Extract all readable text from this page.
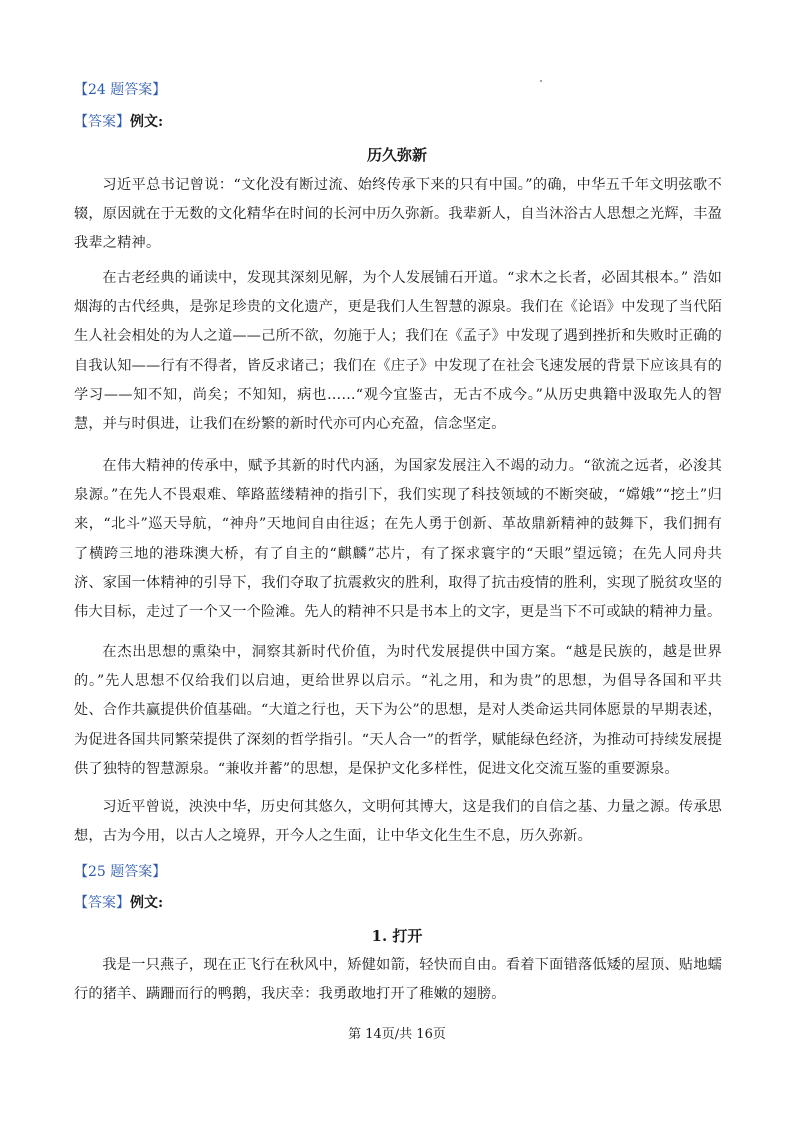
【24 题答案】
【答案】例文:
历久弥新
习近平总书记曾说：“文化没有断过流、始终传承下来的只有中国。”的确，中华五千年文明弦歌不辍，原因就在于无数的文化精华在时间的长河中历久弥新。我辈新人，自当沐浴古人思想之光辉，丰盈我辈之精神。
在古老经典的诵读中，发现其深刻见解，为个人发展铺石开道。“求木之长者，必固其根本。” 浩如烟海的古代经典，是弥足珍贵的文化遗产，更是我们人生智慧的源泉。我们在《论语》中发现了当代陌生人社会相处的为人之道——己所不欲，勿施于人；我们在《孟子》中发现了遇到挫折和失败时正确的自我认知——行有不得者，皆反求诸己；我们在《庄子》中发现了在社会飞速发展的背景下应该具有的学习——知不知，尚矣；不知知，病也……“观今宜鉴古，无古不成今。”从历史典籍中汲取先人的智慧，并与时俱进，让我们在纷繁的新时代亦可内心充盈，信念坚定。
在伟大精神的传承中，赋予其新的时代内涵，为国家发展注入不竭的动力。“欲流之远者，必浚其泉源。”在先人不畏艰难、筚路蓝缕精神的指引下，我们实现了科技领域的不断突破，“嫦娥”“挖土”归来，“北斗”巡天导航，“神舟”天地间自由往返；在先人勇于创新、革故鼎新精神的鼓舞下，我们拥有了横跨三地的港珠澳大桥，有了自主的“麒麟”芯片，有了探求寰宇的“天眼”望远镜；在先人同舟共济、家国一体精神的引导下，我们夺取了抗震救灾的胜利，取得了抗击疫情的胜利，实现了脱贫攻坚的伟大目标，走过了一个又一个险滩。先人的精神不只是书本上的文字，更是当下不可或缺的精神力量。
在杰出思想的熏染中，洞察其新时代价值，为时代发展提供中国方案。“越是民族的，越是世界的。”先人思想不仅给我们以启迪，更给世界以启示。“礼之用，和为贵”的思想，为倡导各国和平共处、合作共赢提供价值基础。“大道之行也，天下为公”的思想，是对人类命运共同体愿景的早期表述，为促进各国共同繁荣提供了深刻的哲学指引。“天人合一”的哲学，赋能绿色经济，为推动可持续发展提供了独特的智慧源泉。“兼收并蓄”的思想，是保护文化多样性，促进文化交流互鉴的重要源泉。
习近平曾说，泱泱中华，历史何其悠久，文明何其博大，这是我们的自信之基、力量之源。传承思想，古为今用，以古人之境界，开今人之生面，让中华文化生生不息，历久弥新。
【25 题答案】
【答案】例文:
1. 打开
我是一只燕子，现在正飞行在秋风中，矫健如箭，轻快而自由。看着下面错落低矮的屋顶、贴地蠕行的猪羊、蹒跚而行的鸭鹅，我庆幸：我勇敢地打开了稚嫩的翅膀。
第 14页/共 16页
